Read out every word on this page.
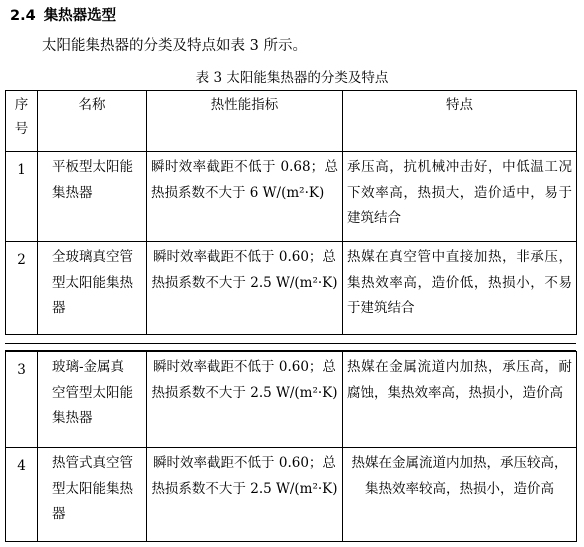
2.4 集热器选型
太阳能集热器的分类及特点如表 3 所示。
表 3 太阳能集热器的分类及特点
序号	名称	热性能指标	特点
1	平板型太阳能集热器	瞬时效率截距不低于 0.68；总热损系数不大于 6 W/(m²·K)	承压高，抗机械冲击好，中低温工况下效率高，热损大，造价适中，易于建筑结合
2	全玻璃真空管型太阳能集热器	瞬时效率截距不低于 0.60；总热损系数不大于 2.5 W/(m²·K)	热媒在真空管中直接加热，非承压，集热效率高，造价低，热损小，不易于建筑结合
3	玻璃-金属真空管型太阳能集热器	瞬时效率截距不低于 0.60；总热损系数不大于 2.5 W/(m²·K)	热媒在金属流道内加热，承压高，耐腐蚀，集热效率高，热损小，造价高
4	热管式真空管型太阳能集热器	瞬时效率截距不低于 0.60；总热损系数不大于 2.5 W/(m²·K)	热媒在金属流道内加热，承压较高，集热效率较高，热损小，造价高
